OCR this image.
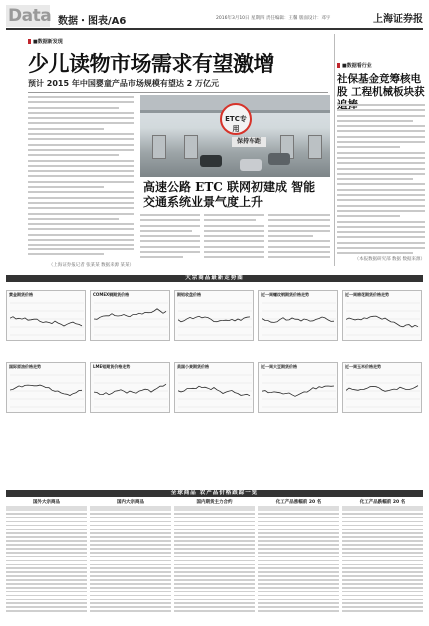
Data 数据・图表/A6	2016年3月10日 星期四 责任编辑：王馨 版面设计：邓宇	上海证券报
■数据新发现
少儿读物市场需求有望激增
预计 2015 年中国婴童产品市场规模有望达 2 万亿元
（上海证券报记者 张某某 数据来源 某某）
ETC专用
保持车距
高速公路 ETC 联网初建成 智能交通系统业景气度上升
■数据看行业
社保基金竞筹核电股 工程机械板块获
（本报数据研究部 数据 数据来源）
大宗商品最新走势图
黄金期货价格	COMEX铜期货价格	期铝收盘价格	近一周螺纹钢期货价格走势	近一周棉花期货价格走势
国际原油价格走势	LME铝期货价格走势	美国小麦期货价格	近一周大豆期货价格	近一周玉米价格走势
全球商品 农产品价格跟踪一览
国外大宗商品	国内大宗商品	国内期货主力合约	化工产品涨幅前 20 名	化工产品跌幅前 20 名
